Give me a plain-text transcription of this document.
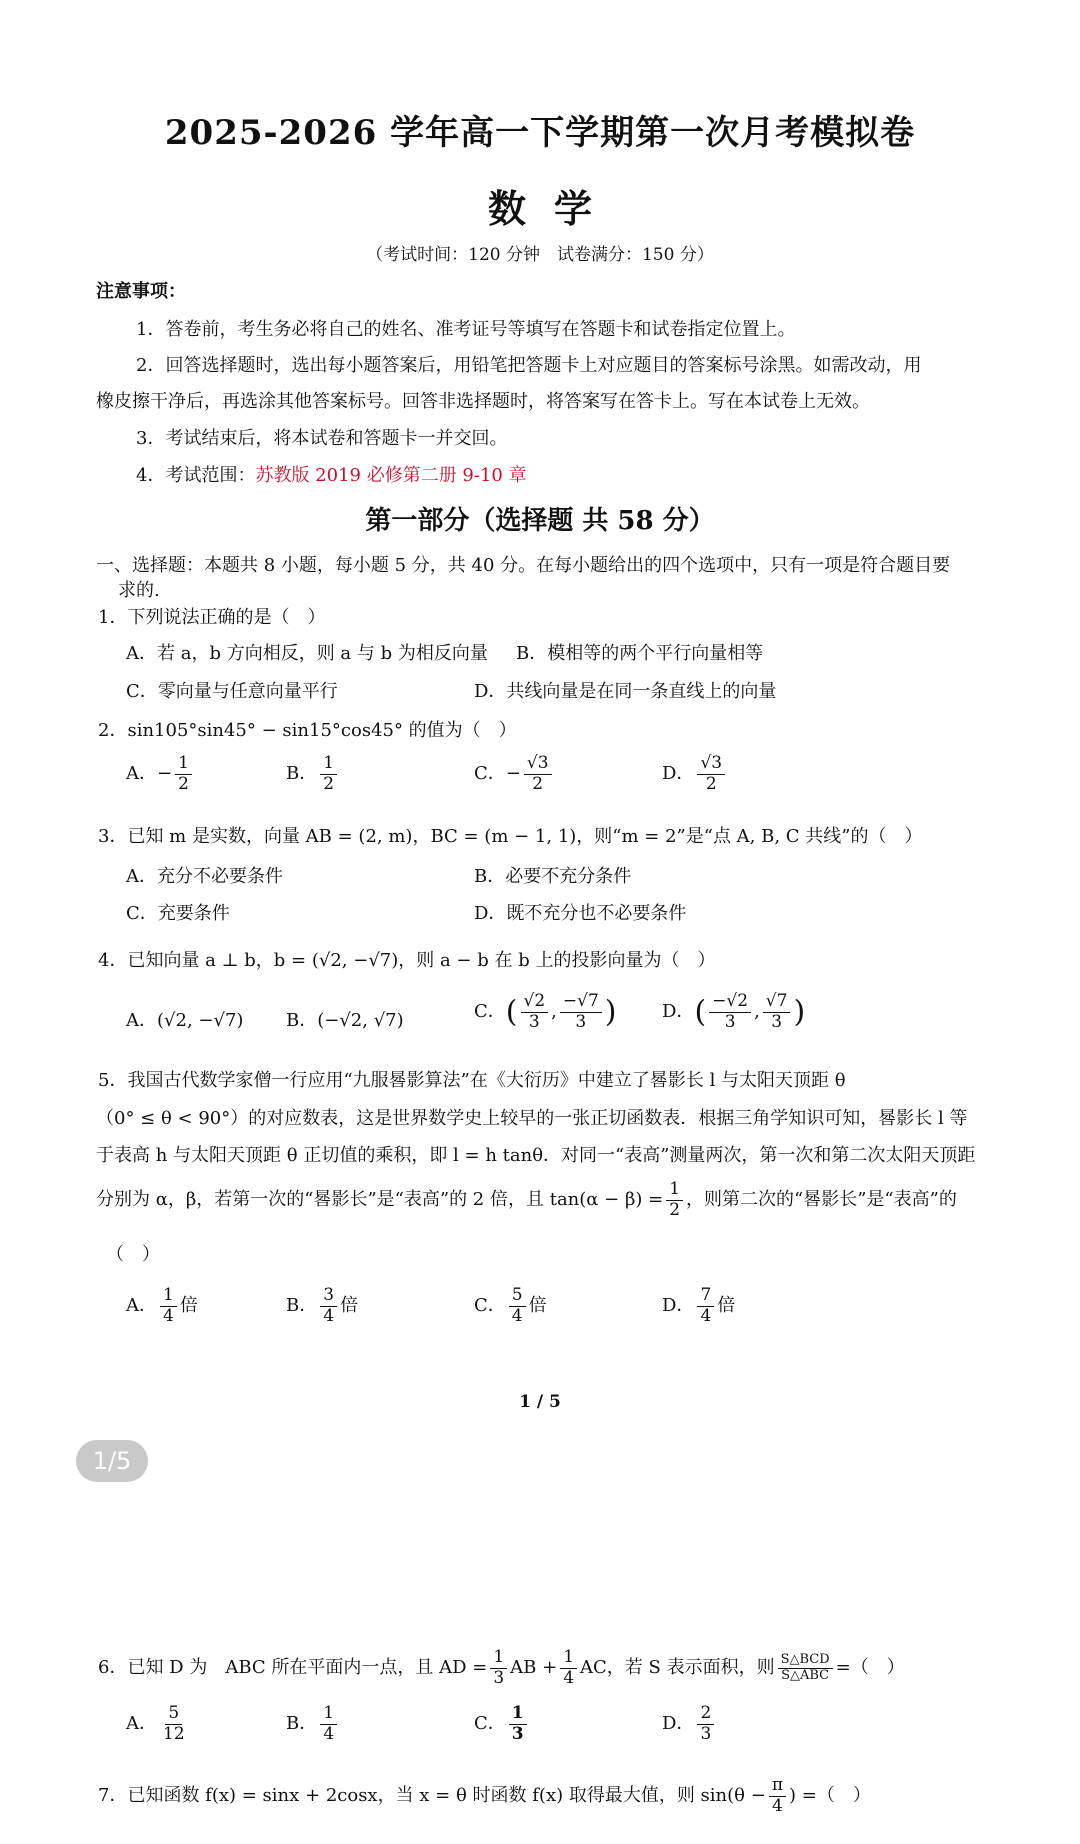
2025-2026 学年高一下学期第一次月考模拟卷
数学
（考试时间：120 分钟　试卷满分：150 分）
注意事项：
1．答卷前，考生务必将自己的姓名、准考证号等填写在答题卡和试卷指定位置上。
2．回答选择题时，选出每小题答案后，用铅笔把答题卡上对应题目的答案标号涂黑。如需改动，用
橡皮擦干净后，再选涂其他答案标号。回答非选择题时，将答案写在答卡上。写在本试卷上无效。
3．考试结束后，将本试卷和答题卡一并交回。
4．考试范围：苏教版 2019 必修第二册 9-10 章
第一部分（选择题 共 58 分）
一、选择题：本题共 8 小题，每小题 5 分，共 40 分。在每小题给出的四个选项中，只有一项是符合题目要
求的.
1．下列说法正确的是（　）
A．若 a，b 方向相反，则 a 与 b 为相反向量 B．模相等的两个平行向量相等
C．零向量与任意向量平行	D．共线向量是在同一条直线上的向量
2．sin105°sin45° − sin15°cos45° 的值为（　）
A．− $\frac{1}{2}$	B． $\frac{1}{2}$	C．− $\frac{√3}{2}$	D． $\frac{√3}{2}$
3．已知 m 是实数，向量 AB = (2, m)，BC = (m − 1, 1)，则“m = 2”是“点 A, B, C 共线”的（　）
A．充分不必要条件	B．必要不充分条件
C．充要条件	D．既不充分也不必要条件
4．已知向量 a ⊥ b，b = (√2, −√7)，则 a − b 在 b 上的投影向量为（　）
A．(√2, −√7) B．(−√2, √7)	C．( $\frac{√2}{3}$ , $\frac{-√7}{3}$ )	D．( $\frac{-√2}{3}$ , $\frac{√7}{3}$ )
5．我国古代数学家僧一行应用“九服晷影算法”在《大衍历》中建立了晷影长 l 与太阳天顶距 θ
（0° ≤ θ < 90°）的对应数表，这是世界数学史上较早的一张正切函数表．根据三角学知识可知，晷影长 l 等
于表高 h 与太阳天顶距 θ 正切值的乘积，即 l = h tanθ．对同一“表高”测量两次，第一次和第二次太阳天顶距
分别为 α，β，若第一次的“晷影长”是“表高”的 2 倍，且 $\tan(\alpha - \beta) = \frac{1}{2}$ ，则第二次的“晷影长”是“表高”的
（　）
A． $\frac{1}{4}$ 倍	B． $\frac{3}{4}$ 倍	C． $\frac{5}{4}$ 倍	D． $\frac{7}{4}$ 倍
1 / 5
1/5
6．已知 D 为　ABC 所在平面内一点，且 AD = $\frac{1}{3}$ AB + $\frac{1}{4}$ AC，若 S 表示面积，则 $\frac{\text{S△BCD}}{\text{S△ABC}}$ =（　）
A． $\frac{5}{12}$	B． $\frac{1}{4}$	C． $\frac{1}{3}$	D． $\frac{2}{3}$
7．已知函数 f(x) = sinx + 2cosx，当 x = θ 时函数 f(x) 取得最大值，则 $\sin(\theta - \frac{\pi}{4}$ ) =（　）
